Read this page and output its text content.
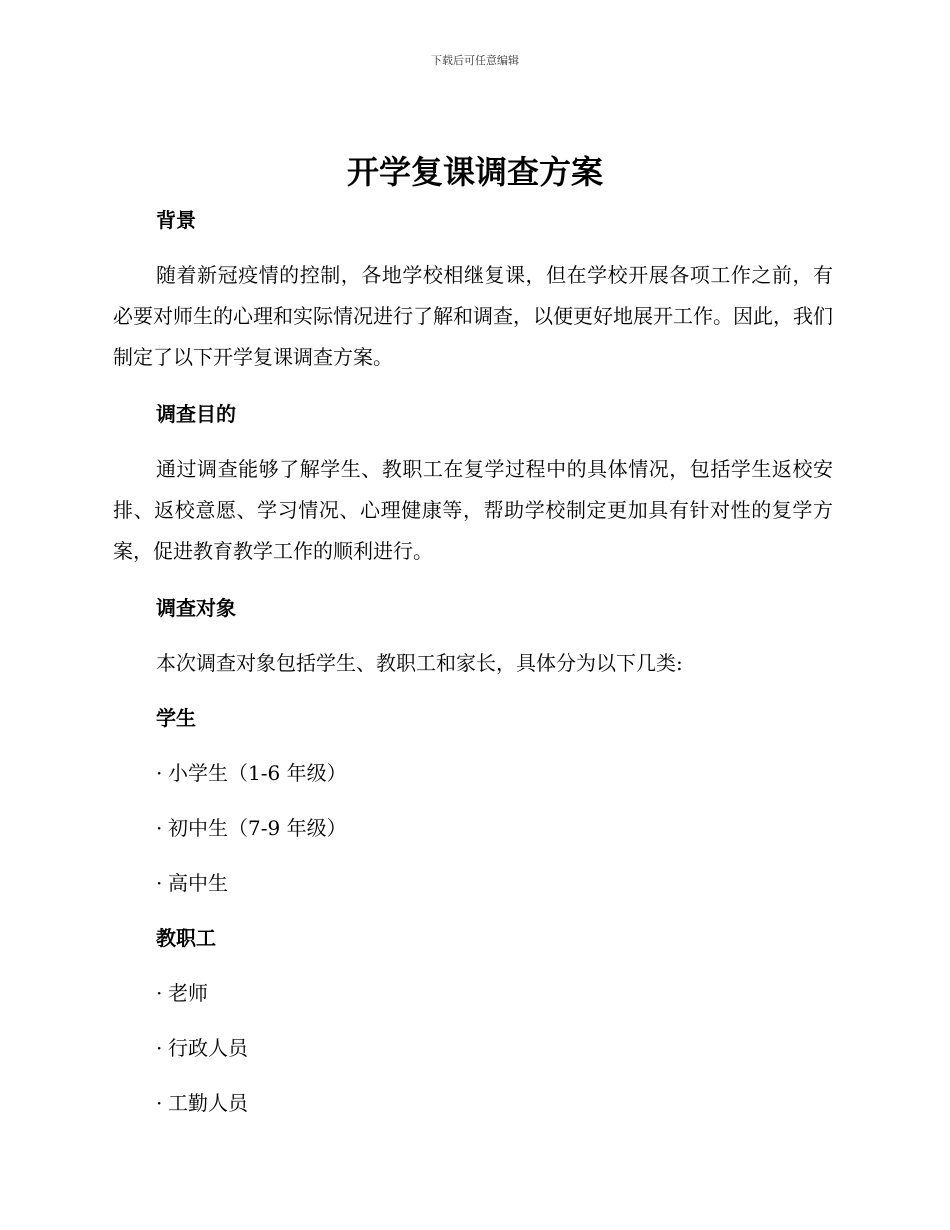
下载后可任意编辑
开学复课调查方案
背景

随着新冠疫情的控制，各地学校相继复课，但在学校开展各项工作之前，有必要对师生的心理和实际情况进行了解和调查，以便更好地展开工作。因此，我们制定了以下开学复课调查方案。

调查目的

通过调查能够了解学生、教职工在复学过程中的具体情况，包括学生返校安排、返校意愿、学习情况、心理健康等，帮助学校制定更加具有针对性的复学方案，促进教育教学工作的顺利进行。

调查对象
本次调查对象包括学生、教职工和家长，具体分为以下几类:
学生
· 小学生（1-6 年级）
· 初中生（7-9 年级）
· 高中生
教职工
· 老师
· 行政人员
· 工勤人员
